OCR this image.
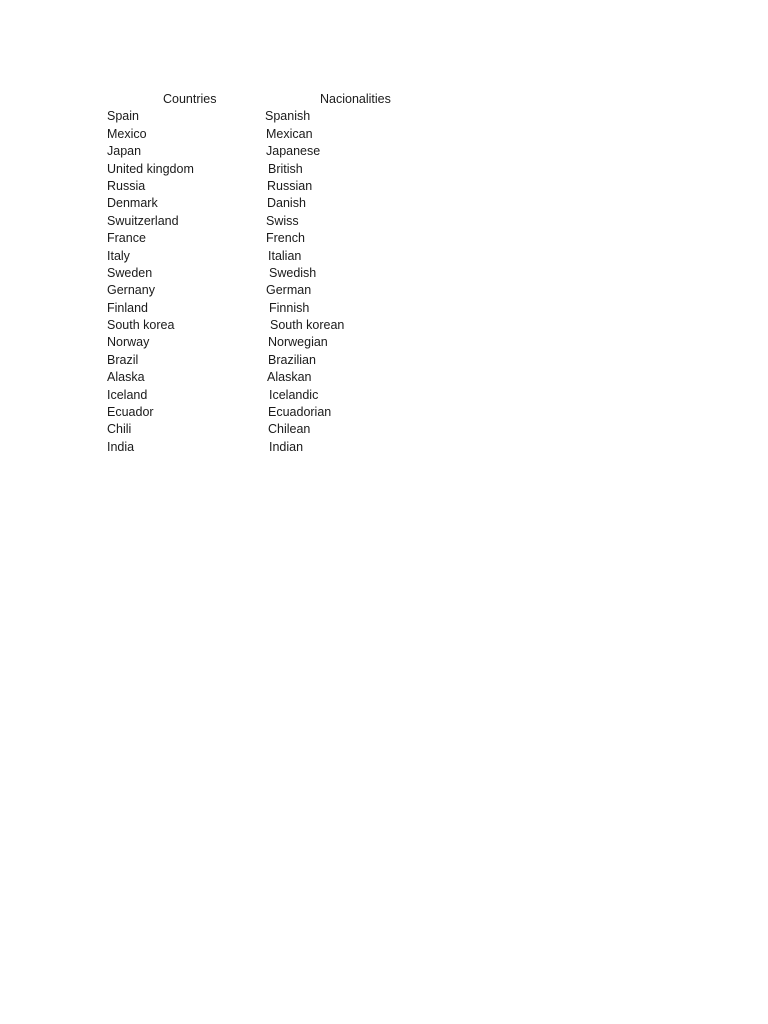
Countries	Nacionalities
Spain	Spanish
Mexico	Mexican
Japan	Japanese
United kingdom	British
Russia	Russian
Denmark	Danish
Swuitzerland	Swiss
France	French
Italy	Italian
Sweden	Swedish
Gernany	German
Finland	Finnish
South korea	South korean
Norway	Norwegian
Brazil	Brazilian
Alaska	Alaskan
Iceland	Icelandic
Ecuador	Ecuadorian
Chili	Chilean
India	Indian
